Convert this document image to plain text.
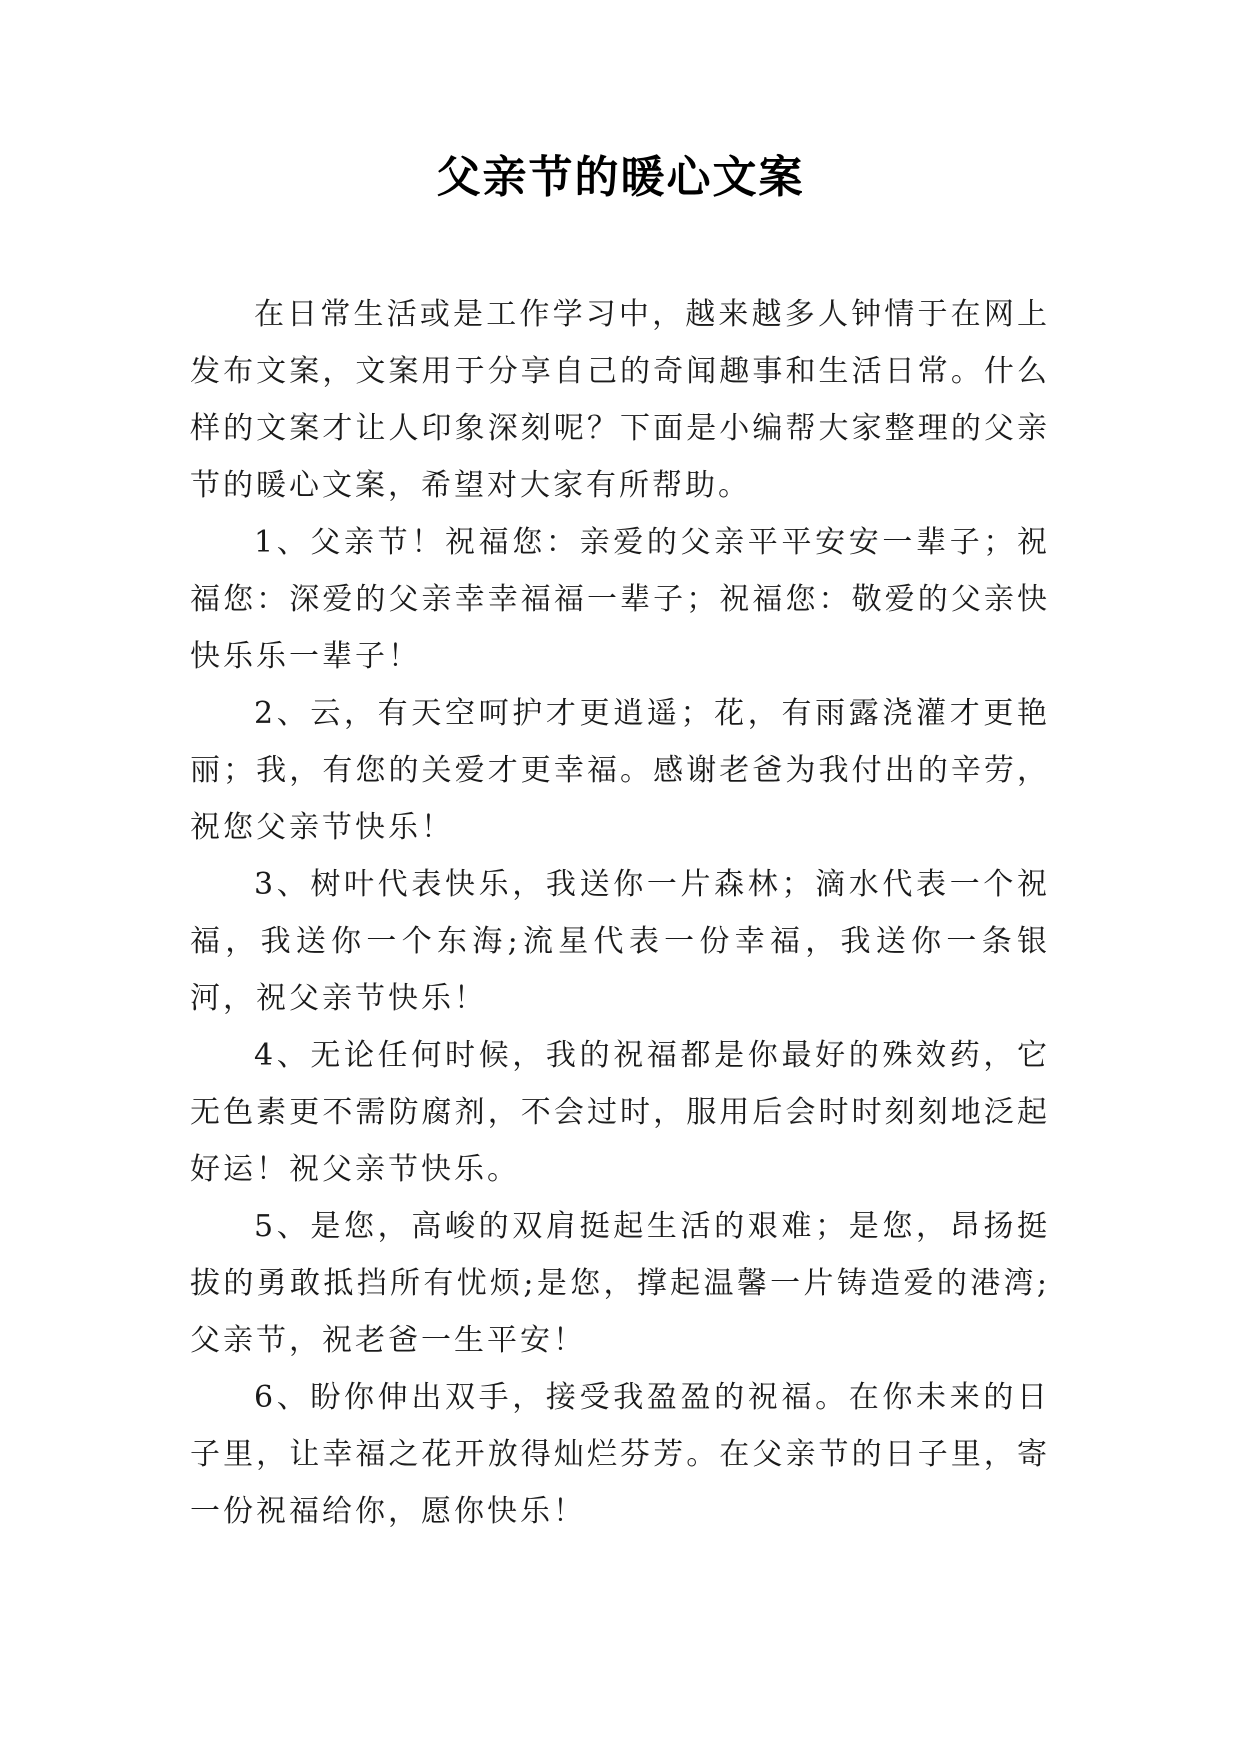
父亲节的暖心文案

在日常生活或是工作学习中，越来越多人钟情于在网上发布文案，文案用于分享自己的奇闻趣事和生活日常。什么样的文案才让人印象深刻呢？下面是小编帮大家整理的父亲节的暖心文案，希望对大家有所帮助。

1、父亲节！祝福您：亲爱的父亲平平安安一辈子；祝福您：深爱的父亲幸幸福福一辈子；祝福您：敬爱的父亲快快乐乐一辈子！

2、云，有天空呵护才更逍遥；花，有雨露浇灌才更艳丽；我，有您的关爱才更幸福。感谢老爸为我付出的辛劳，祝您父亲节快乐！

3、树叶代表快乐，我送你一片森林；滴水代表一个祝福，我送你一个东海;流星代表一份幸福，我送你一条银河，祝父亲节快乐！

4、无论任何时候，我的祝福都是你最好的殊效药，它无色素更不需防腐剂，不会过时，服用后会时时刻刻地泛起好运！祝父亲节快乐。

5、是您，高峻的双肩挺起生活的艰难；是您，昂扬挺拔的勇敢抵挡所有忧烦;是您，撑起温馨一片铸造爱的港湾;父亲节，祝老爸一生平安！

6、盼你伸出双手，接受我盈盈的祝福。在你未来的日子里，让幸福之花开放得灿烂芬芳。在父亲节的日子里，寄一份祝福给你，愿你快乐！
